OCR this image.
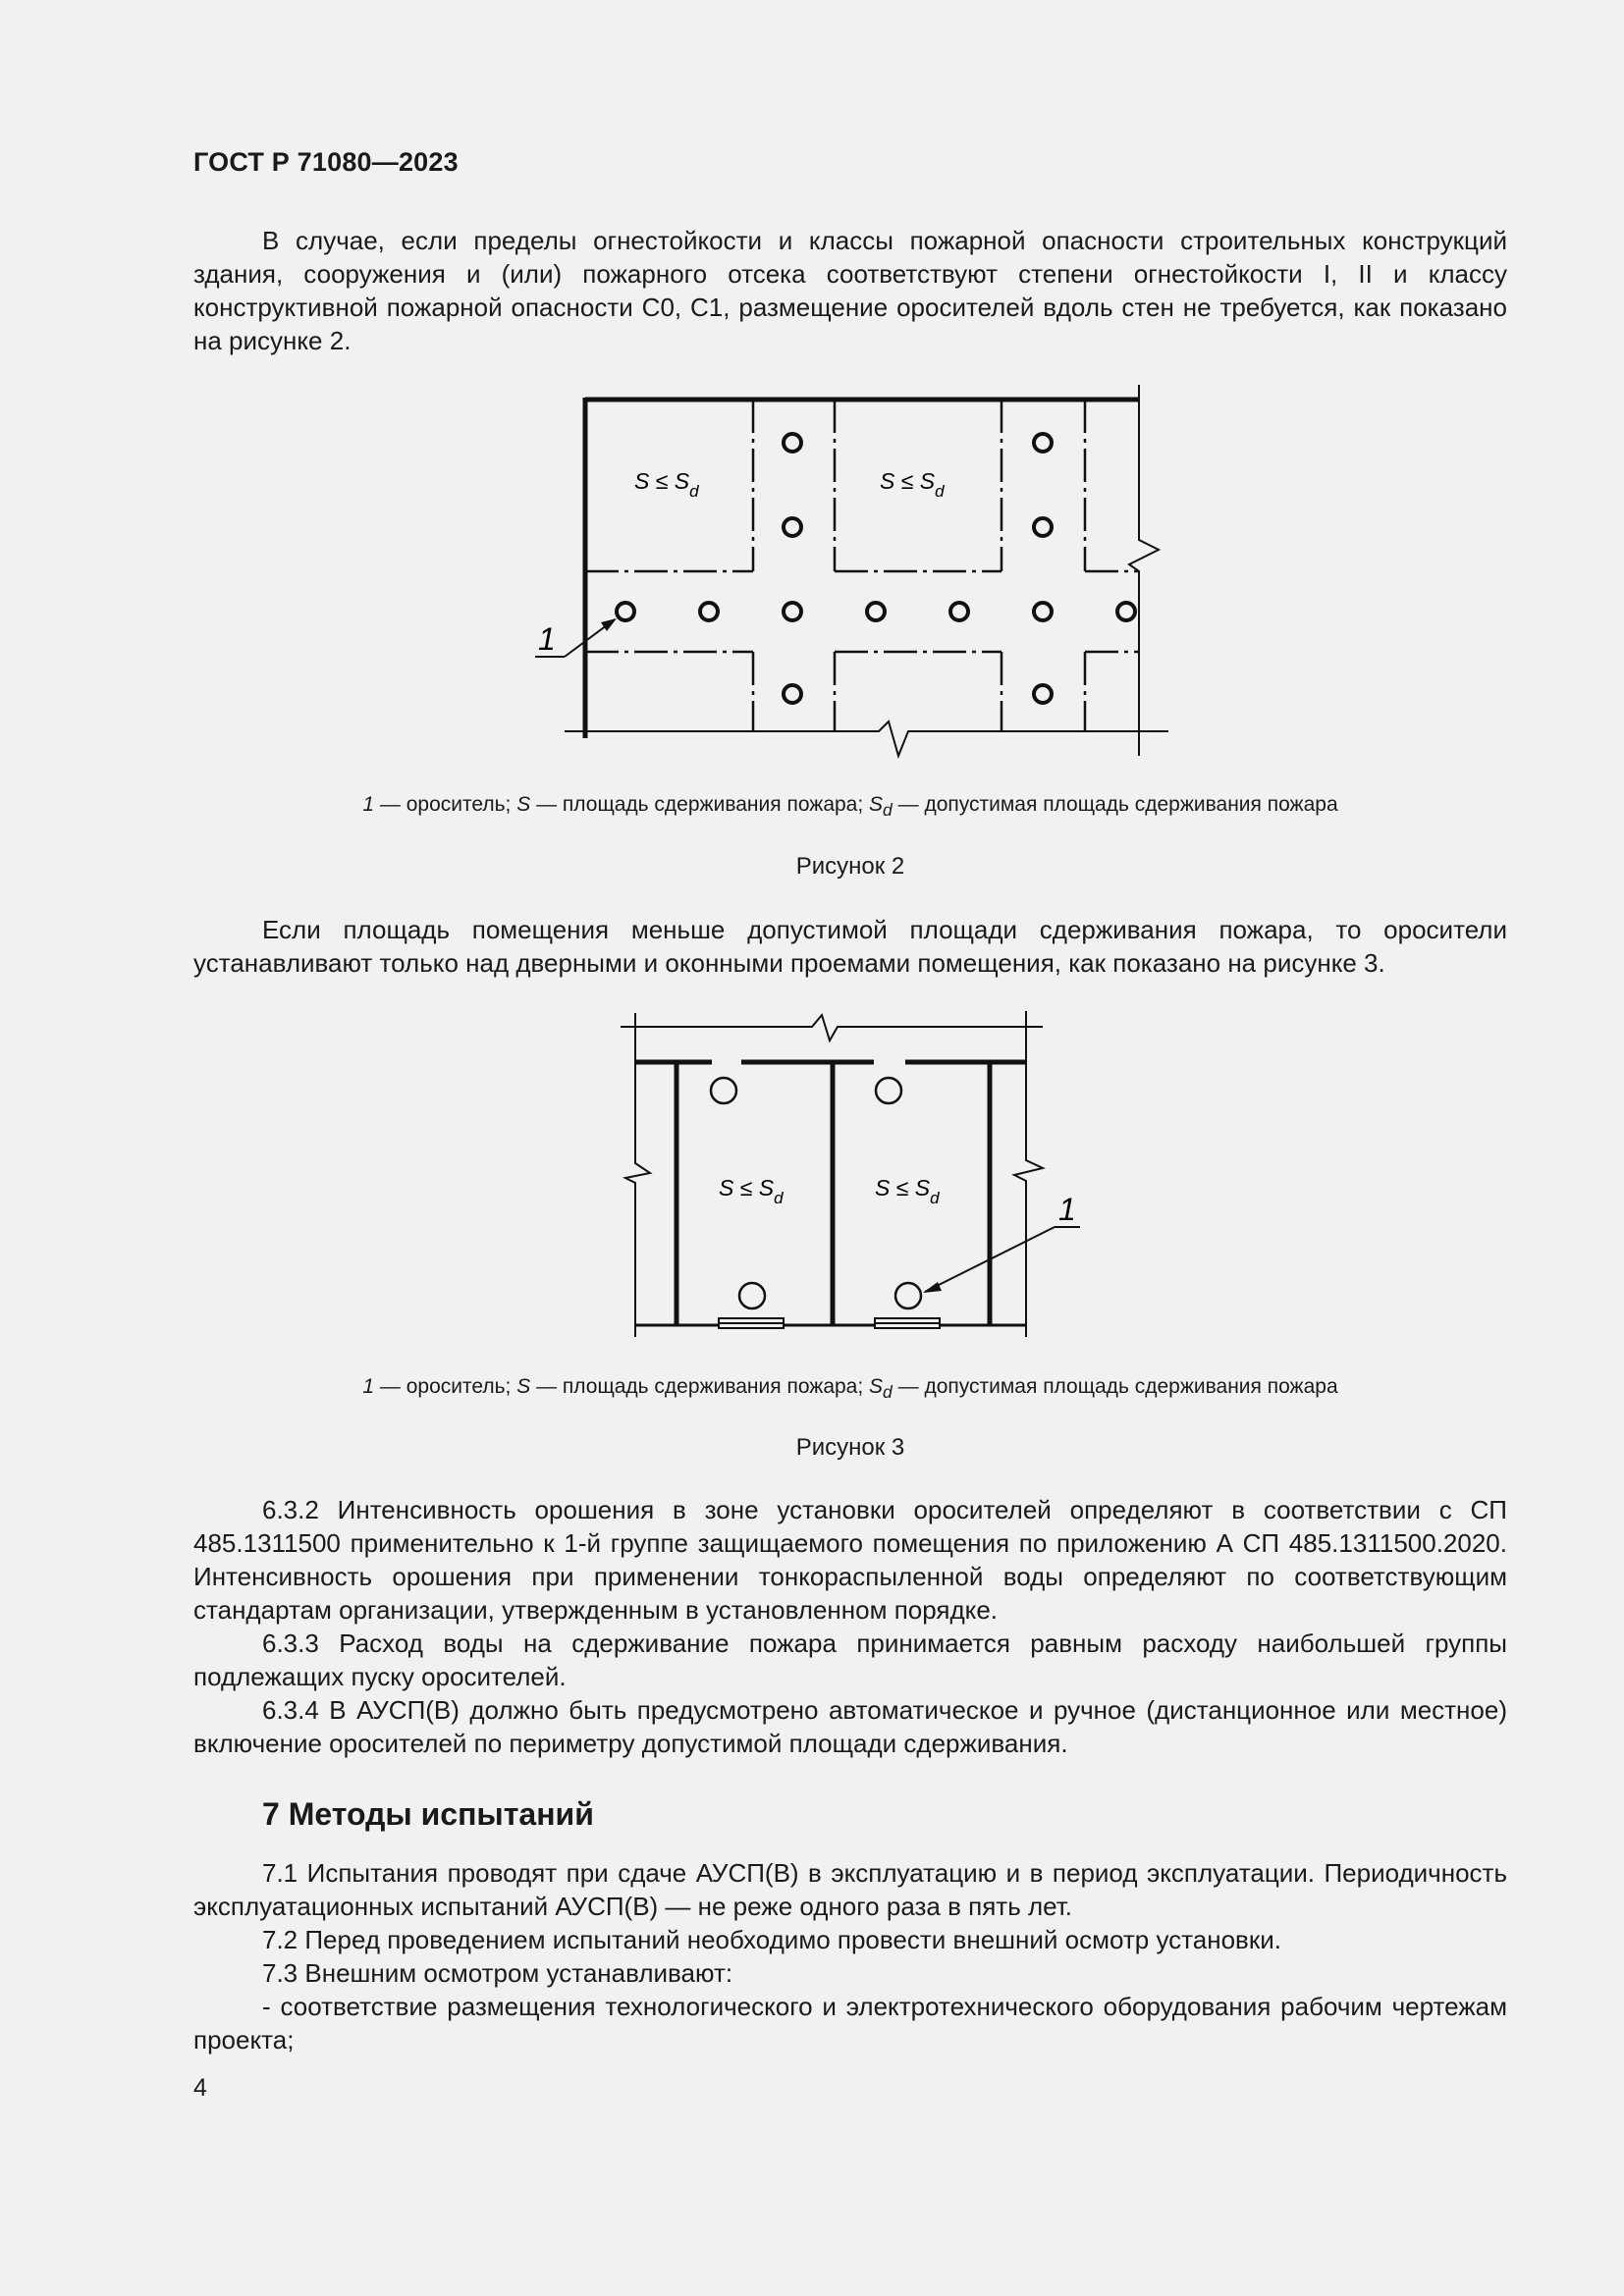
ГОСТ Р 71080—2023

В случае, если пределы огнестойкости и классы пожарной опасности строительных конструкций здания, сооружения и (или) пожарного отсека соответствуют степени огнестойкости I, II и классу конструктивной пожарной опасности С0, С1, размещение оросителей вдоль стен не требуется, как показано на рисунке 2.

$S \le S_d$	$S \le S_d$
1
1 — ороситель; S — площадь сдерживания пожара; $S_d$ — допустимая площадь сдерживания пожара
Рисунок 2

Если площадь помещения меньше допустимой площади сдерживания пожара, то оросители устанавливают только над дверными и оконными проемами помещения, как показано на рисунке 3.

$S \le S_d$	$S \le S_d$	1
1 — ороситель; S — площадь сдерживания пожара; $S_d$ — допустимая площадь сдерживания пожара
Рисунок 3

6.3.2 Интенсивность орошения в зоне установки оросителей определяют в соответствии с СП 485.1311500 применительно к 1-й группе защищаемого помещения по приложению А СП 485.1311500.2020. Интенсивность орошения при применении тонкораспыленной воды определяют по соответствующим стандартам организации, утвержденным в установленном порядке.

6.3.3 Расход воды на сдерживание пожара принимается равным расходу наибольшей группы подлежащих пуску оросителей.

6.3.4 В АУСП(В) должно быть предусмотрено автоматическое и ручное (дистанционное или местное) включение оросителей по периметру допустимой площади сдерживания.

7 Методы испытаний

7.1 Испытания проводят при сдаче АУСП(В) в эксплуатацию и в период эксплуатации. Периодичность эксплуатационных испытаний АУСП(В) — не реже одного раза в пять лет.

7.2 Перед проведением испытаний необходимо провести внешний осмотр установки.

7.3 Внешним осмотром устанавливают:

- соответствие размещения технологического и электротехнического оборудования рабочим чертежам проекта;

4
